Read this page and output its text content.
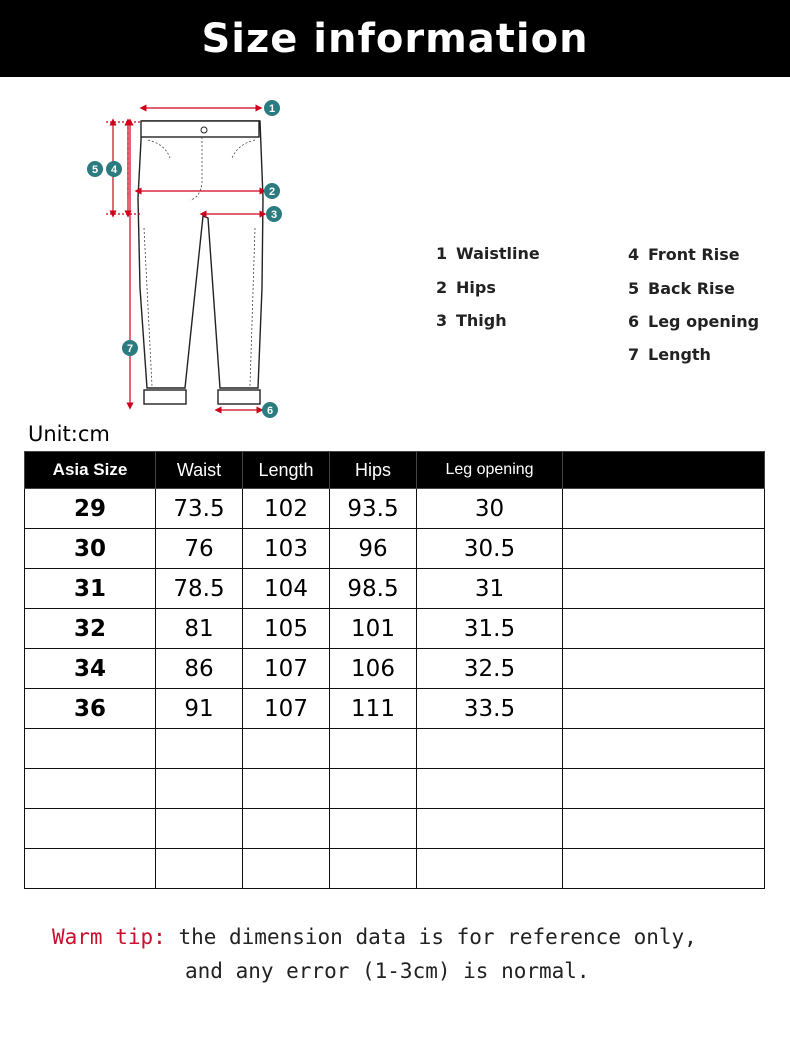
Size information
1
2
3
4
5
6
7
1 Waistline
2 Hips
3 Thigh
4 Front Rise
5 Back Rise
6 Leg opening
7 Length
Unit:cm
Asia Size	Waist	Length	Hips	Leg opening	
29	73.5	102	93.5	30	
30	76	103	96	30.5	
31	78.5	104	98.5	31	
32	81	105	101	31.5	
34	86	107	106	32.5	
36	91	107	111	33.5	

Warm tip: the dimension data is for reference only,
and any error (1-3cm) is normal.
